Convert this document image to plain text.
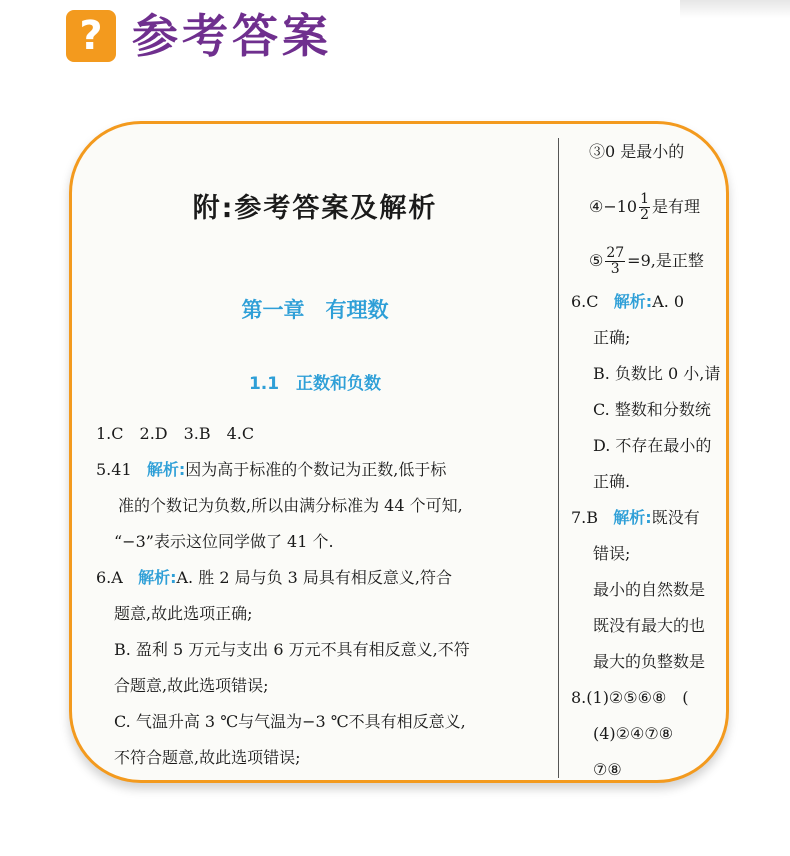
? 参考答案
附:参考答案及解析
第一章　有理数
1.1　正数和负数
1.C　2.D　3.B　4.C
5.41 解析:因为高于标准的个数记为正数,低于标
准的个数记为负数,所以由满分标准为 44 个可知,
“−3”表示这位同学做了 41 个.
6.A 解析:A. 胜 2 局与负 3 局具有相反意义,符合
题意,故此选项正确;
B. 盈利 5 万元与支出 6 万元不具有相反意义,不符
合题意,故此选项错误;
C. 气温升高 3 ℃与气温为−3 ℃不具有相反意义,
不符合题意,故此选项错误;
③0 是最小的
④−10 $\frac{1}{2}$ 是有理
⑤ $\frac{27}{3} =9$,是正整
6.C 解析:A. 0
正确;
B. 负数比 0 小,请
C. 整数和分数统
D. 不存在最小的
正确.
7.B 解析:既没有
错误;
最小的自然数是
既没有最大的也
最大的负整数是
8.(1)②⑤⑥⑧　(
(4)②④⑦⑧
⑦⑧
